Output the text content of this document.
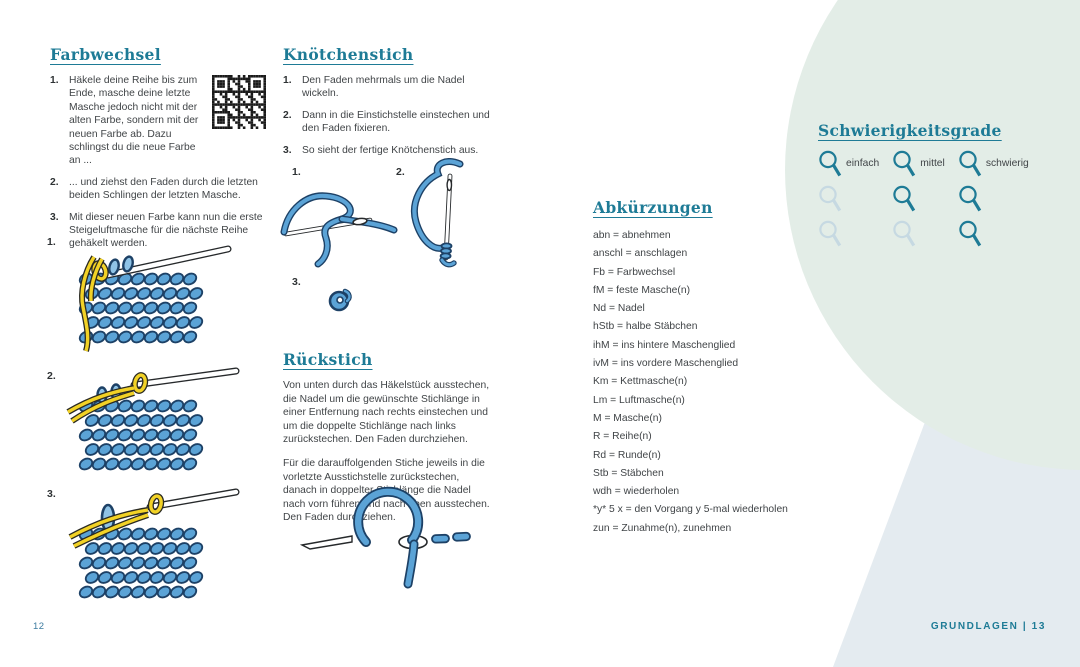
Farbwechsel
1.	Häkele deine Reihe bis zum Ende, masche deine letzte Masche jedoch nicht mit der alten Farbe, sondern mit der neuen Farbe ab. Dazu schlingst du die neue Farbe an ...
2.	... und ziehst den Faden durch die letzten beiden Schlingen der letzten Masche.
3.	Mit dieser neuen Farbe kann nun die erste Steigeluftmasche für die nächste Reihe gehäkelt werden.
1.
2.
3.
Knötchenstich
1.	Den Faden mehrmals um die Nadel wickeln.
2.	Dann in die Einstichstelle einstechen und den Faden fixieren.
3.	So sieht der fertige Knötchenstich aus.
1.	2.
3.
Rückstich

Von unten durch das Häkelstück ausstechen, die Nadel um die gewünschte Stichlänge in einer Entfernung nach rechts einstechen und um die doppelte Stichlänge nach links zurückstechen. Den Faden durchziehen.

Für die darauffolgenden Stiche jeweils in die vorletzte Ausstichstelle zurückstechen, danach in doppelter Stichlänge die Nadel nach vorn führen und nach oben ausstechen. Den Faden durchziehen.

Abkürzungen
abn = abnehmen
anschl = anschlagen
Fb = Farbwechsel
fM = feste Masche(n)
Nd = Nadel
hStb = halbe Stäbchen
ihM = ins hintere Maschenglied
ivM = ins vordere Maschenglied
Km = Kettmasche(n)
Lm = Luftmasche(n)
M = Masche(n)
R = Reihe(n)
Rd = Runde(n)
Stb = Stäbchen
wdh = wiederholen
*y* 5 x = den Vorgang y 5-mal wiederholen
zun = Zunahme(n), zunehmen
Schwierigkeitsgrade
einfach	mittel	schwierig
12	GRUNDLAGEN | 13
